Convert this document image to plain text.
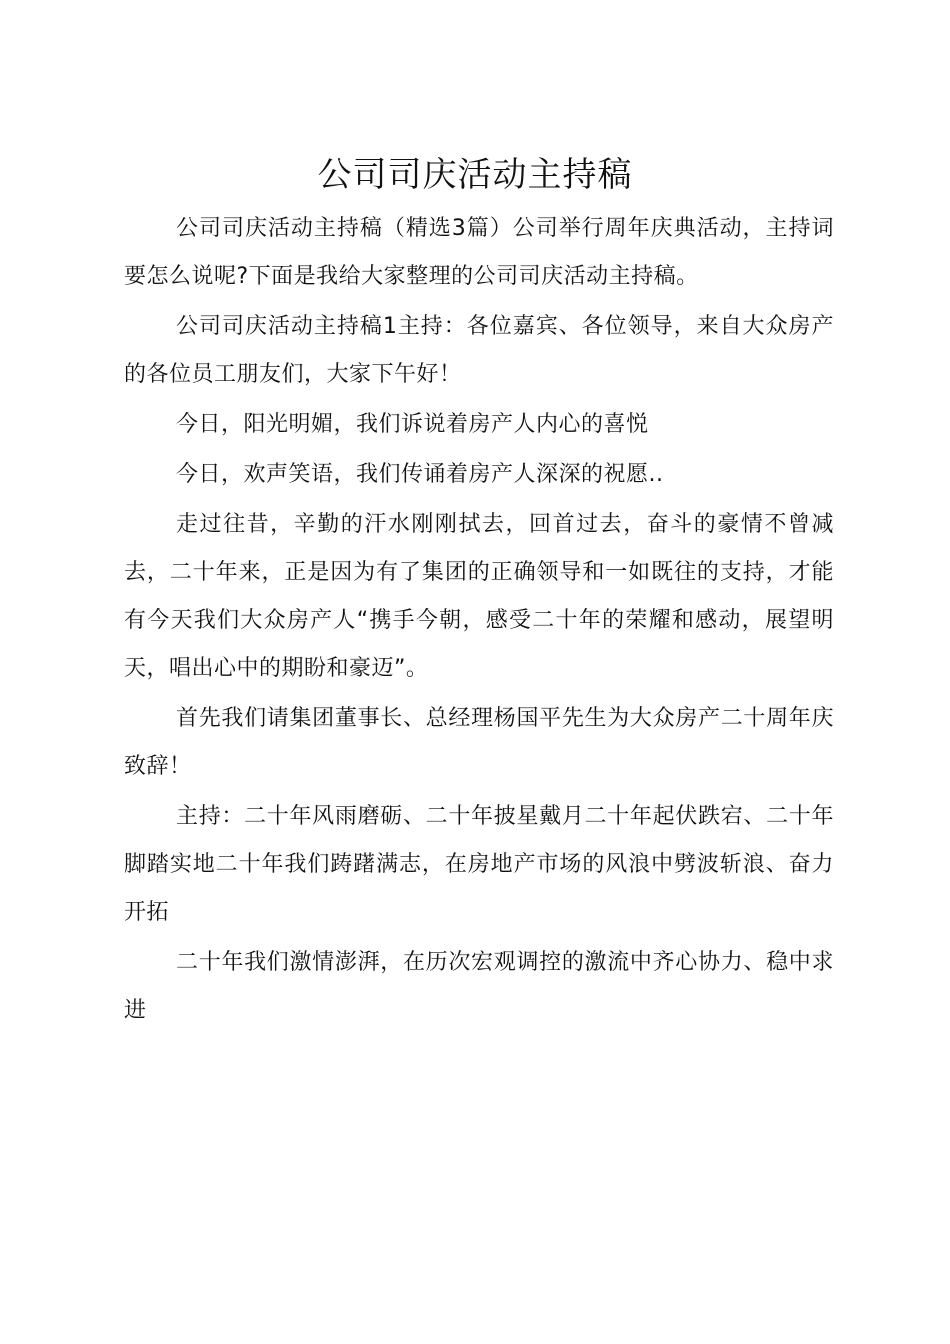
公司司庆活动主持稿

公司司庆活动主持稿（精选3篇）公司举行周年庆典活动，主持词要怎么说呢?下面是我给大家整理的公司司庆活动主持稿。

公司司庆活动主持稿1主持：各位嘉宾、各位领导，来自大众房产的各位员工朋友们，大家下午好！

今日，阳光明媚，我们诉说着房产人内心的喜悦

今日，欢声笑语，我们传诵着房产人深深的祝愿..

走过往昔，辛勤的汗水刚刚拭去，回首过去，奋斗的豪情不曾减去，二十年来，正是因为有了集团的正确领导和一如既往的支持，才能有今天我们大众房产人“携手今朝，感受二十年的荣耀和感动，展望明天，唱出心中的期盼和豪迈”。

首先我们请集团董事长、总经理杨国平先生为大众房产二十周年庆致辞！

主持：二十年风雨磨砺、二十年披星戴月二十年起伏跌宕、二十年脚踏实地二十年我们踌躇满志，在房地产市场的风浪中劈波斩浪、奋力开拓

二十年我们激情澎湃，在历次宏观调控的激流中齐心协力、稳中求进
